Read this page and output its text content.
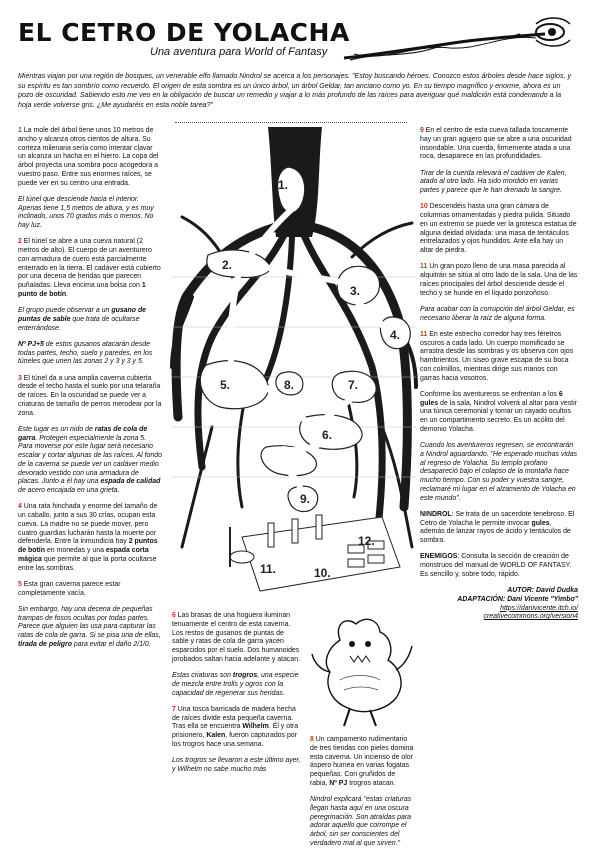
EL CETRO DE YOLACHA
Una aventura para World of Fantasy
Mientras viajan por una región de bosques, un venerable elfo llamado Nindrol se acerca a los personajes. "Estoy buscando héroes. Conozco estos árboles desde hace siglos, y su espíritu es tan sombrío como recuerdo. El origen de esta sombra es un único árbol, un árbol Geldar, tan anciano como yo. En su tiempo magnífico y enorme, ahora es un pozo de oscuridad. Sabiendo esto me veo en la obligación de buscar un remedio y viajar a lo más profundo de las raíces para averiguar qué maldición está condenando a la hoja verde volverse gris. ¿Me ayudaréis en esta noble tarea?"

1 La mole del árbol tiene unos 10 metros de ancho y alcanza otros cientos de altura. Su corteza milenaria sería como intentar clavar un alcanza un hacha en el hierro. La copa del árbol proyecta una sombra poco acogedora a vuestro paso. Entre sus enormes raíces, se puede ver en su centro una entrada.

El túnel que desciende hacia el interior. Apenas tiene 1,5 metros de altura, y es muy inclinado, unos 70 grados más o menos. No hay luz.

2 El túnel se abre a una cueva natural (2 metros de alto). El cuerpo de un aventurero con armadura de cuero está parcialmente enterrado en la tierra. El cadáver está cubierto por una decena de heridas que parecen puñaladas. Lleva encima una bolsa con 1 punto de botín.

El grupo puede observar a un gusano de puntas de sable que trata de ocultarse enterrándose.

Nº PJ+5 de estos gusanos atacarán desde todas partes, techo, suelo y paredes, en los túneles que unen las zonas 2 y 3 y 3 y 5.

3 El túnel da a una amplia caverna cubierta desde el techo hasta el suelo por una telaraña de raíces. En la oscuridad se puede ver a criaturas de tamaño de perros merodear por la zona.

Este lugar es un nido de ratas de cola de garra. Protegen especialmente la zona 5. Para moverse por este lugar será necesario escalar y cortar algunas de las raíces. Al fondo de la caverna se puede ver un cadáver medio devorado vestido con una armadura de placas. Junto a él hay una espada de calidad de acero encajada en una grieta.

4 Una rata hinchada y enorme del tamaño de un caballo, junto a sus 30 crías, ocupan esta cueva. La madre no se puede mover, pero cuatro guardias lucharán hasta la muerte por defenderla. Entre la inmundicia hay 2 puntos de botín en monedas y una espada corta mágica que permite al que la porta ocultarse entre las sombras.

5 Esta gran caverna parece estar completamente vacía.

Sin embargo, hay una decena de pequeñas trampas de fosos ocultas por todas partes. Parece que alguien las usa para capturar las ratas de cola de garra. Si se pisa una de ellas, tirada de peligro para evitar el daño 2/1/0.

1.
2.
3.
4.
5.
6.
7.
8.
9.
10.
11.
12.

6 Las brasas de una hoguera iluminan tenuamente el centro de esta caverna. Los restos de gusanos de puntas de sable y ratas de cola de garra yacen esparcidos por el suelo. Dos humanoides jorobados saltan hacia adelante y atacan.

Estas criaturas son trogros, una especie de mezcla entre trolls y ogros con la capacidad de regenerar sus heridas.

7 Una tosca barricada de madera hecha de raíces divide esta pequeña caverna. Tras ella se encuentra Wilhelm. Él y otra prisionero, Kalen, fueron capturados por los trogros hace una semana.

Los trogros se llevaron a este último ayer, y Wilhelm no sabe mucho más

8 Un campamento rudimentario de tres tiendas con pieles domina esta caverna. Un incienso de olor áspero humea en varias fogatas pequeñas. Con gruñidos de rabia, Nº PJ trogros atacan.

Nindrol explicará "estas criaturas llegan hasta aquí en una oscura peregrinación. Son atraídas para adorar aquello que corrompe el árbol, sin ser conscientes del verdadero mal al que sirven."

9 En el centro de esta cueva tallada toscamente hay un gran agujero que se abre a una oscuridad insondable. Una cuerda, firmemente atada a una roca, desaparece en las profundidades.

Tirar de la cuerda relevará el cadáver de Kalen, atado al otro lado. Ha sido mordido en varias partes y parece que le han drenado la sangre.

10 Descendéis hasta una gran cámara de columnas ornamentadas y piedra pulida. Situado en un extremo se puede ver la grotesca estatua de alguna deidad olvidada: una masa de tentáculos entrelazados y ojos hundidos. Ante ella hay un altar de piedra.

11 Un gran pozo lleno de una masa parecida al alquitrán se sitúa al otro lado de la sala. Una de las raíces principales del árbol desciende desde el techo y se hunde en el líquido ponzoñoso.

Para acabar con la corrupción del árbol Geldar, es necesario liberar la raíz de alguna forma.

11 En este estrecho corredor hay tres féretros oscuros a cada lado. Un cuerpo momificado se arrastra desde las sombras y os observa con ojos hambrientos. Un siseo grave escapa de su boca con colmillos, mientras dirige sus manos con garras hacia vosotros.

Conforme los aventureros se enfrentan a los 6 gules de la sala, Nindrol volverá al altar para vestir una túnica ceremonial y tomar un cayado ocultos en un compartimento secreto. Es un acólito del demonio Yolacha.

Cuando los aventureros regresen, se encontrarán a Nindrol aguardando. "He esperado muchas vidas al regreso de Yolacha. Su templo profano desapareció bajo el colapso de la montaña hace mucho tiempo. Con su poder y vuestra sangre, reclamaré mi lugar en el alzamiento de Yolacha en este mundo".

NINDROL: Se trata de un sacerdote tenebroso. El Cetro de Yolacha le permite invocar gules, además de lanzar rayos de ácido y tentáculos de sombra.

ENEMIGOS: Consulta la sección de creación de monstruos del manual de WORLD OF FANTASY. Es sencillo y, sobre todo, rápido.

AUTOR: David Dudka
ADAPTACIÓN: Dani Vicente "Yimbo"
https://danivicente.itch.io/
creativecommons.org/version4
